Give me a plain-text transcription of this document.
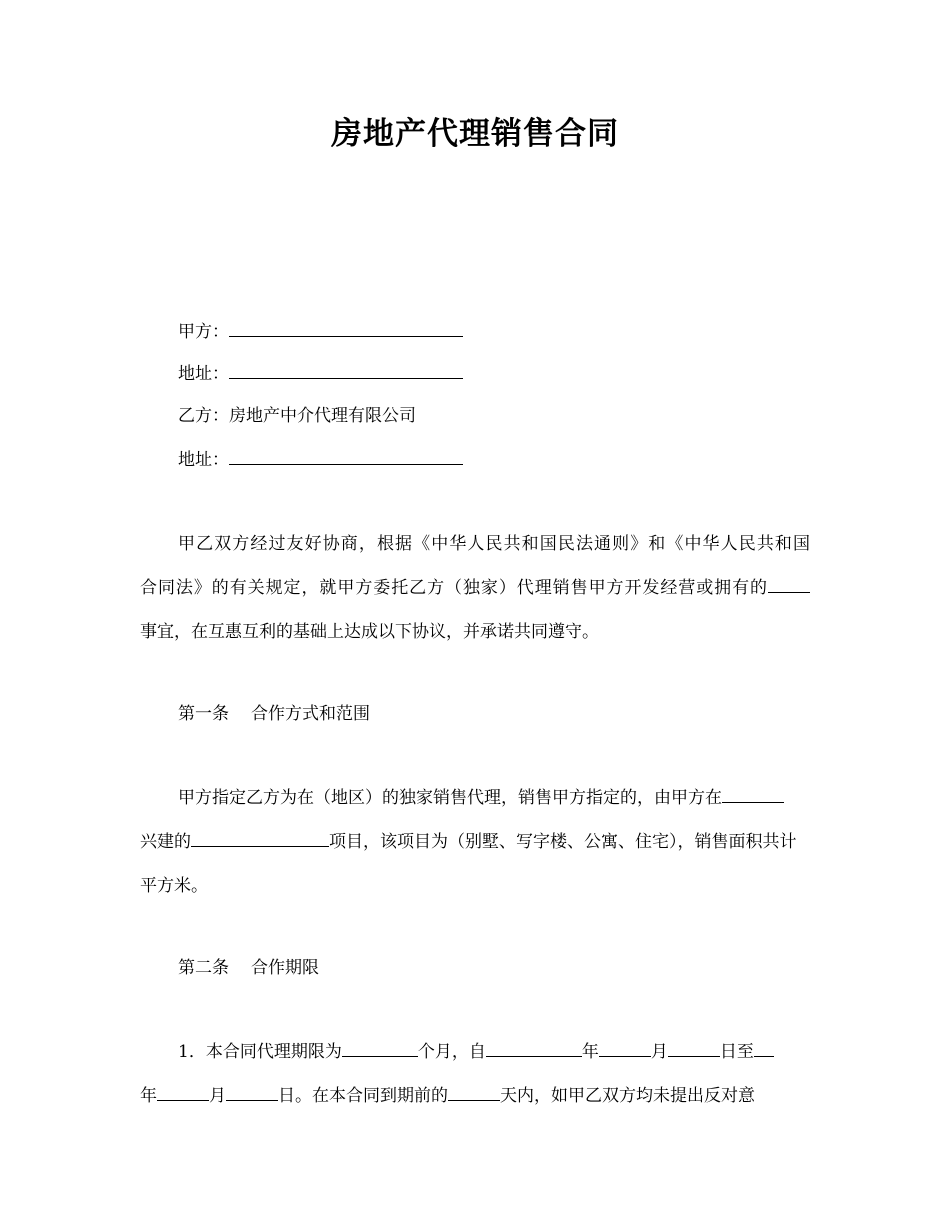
房地产代理销售合同
甲方：
地址：
乙方：房地产中介代理有限公司
地址：
甲乙双方经过友好协商，根据《中华人民共和国民法通则》和《中华人民共和国
合同法》的有关规定，就甲方委托乙方（独家）代理销售甲方开发经营或拥有的
事宜，在互惠互利的基础上达成以下协议，并承诺共同遵守。
第一条 合作方式和范围
甲方指定乙方为在（地区）的独家销售代理，销售甲方指定的，由甲方在
兴建的	项目，该项目为（别墅、写字楼、公寓、住宅），销售面积共计
平方米。
第二条 合作期限
1．本合同代理期限为	个月，自	年	月	日至
年	月	日。在本合同到期前的	天内，如甲乙双方均未提出反对意
